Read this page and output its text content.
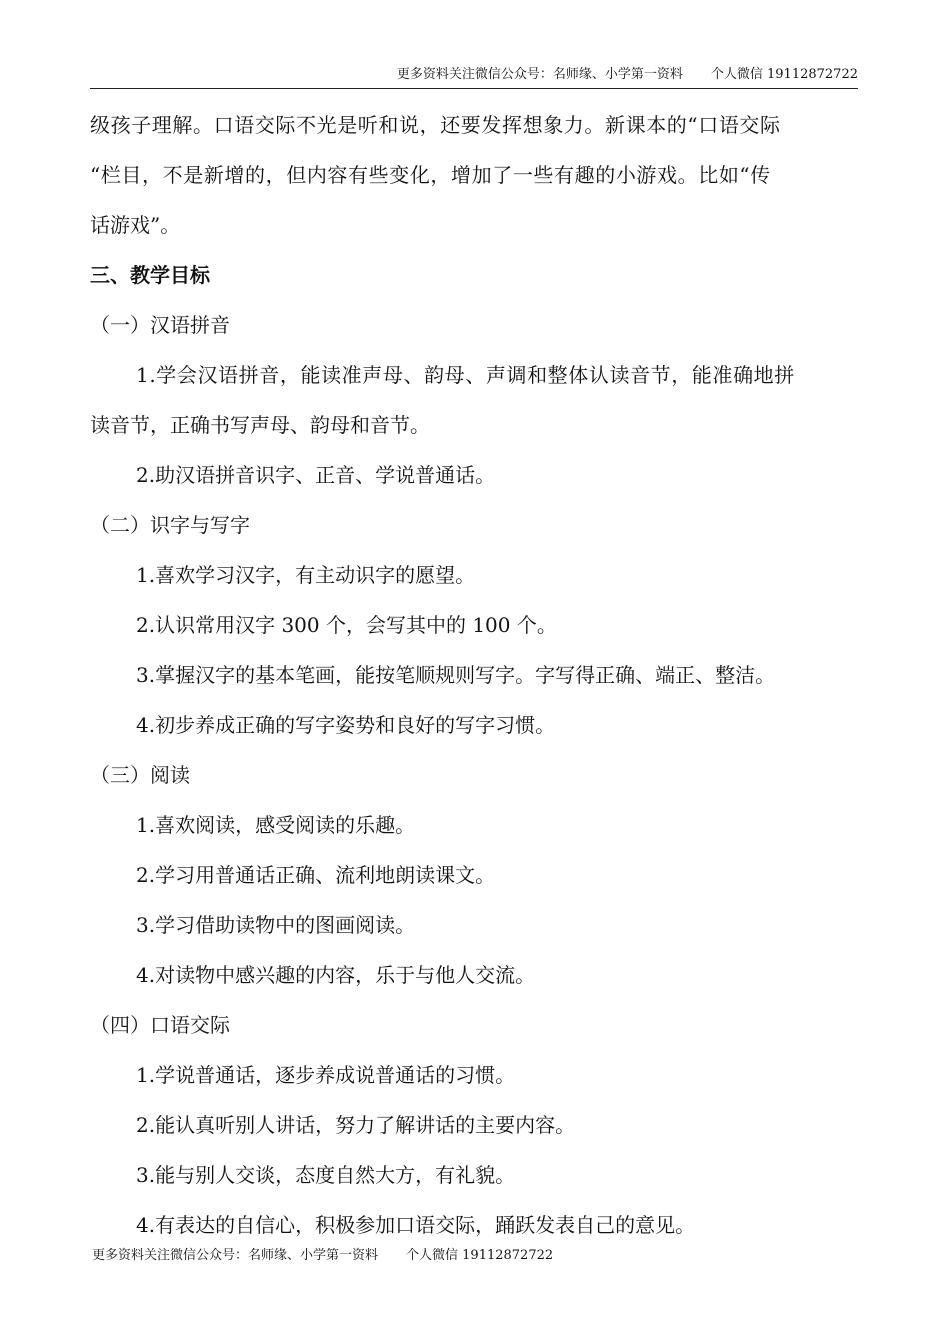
更多资料关注微信公众号：名师缘、小学第一资料 个人微信 19112872722
级孩子理解。口语交际不光是听和说，还要发挥想象力。新课本的“口语交际
“栏目，不是新增的，但内容有些变化，增加了一些有趣的小游戏。比如“传
话游戏”。
三、教学目标
（一）汉语拼音
1.学会汉语拼音，能读准声母、韵母、声调和整体认读音节，能准确地拼
读音节，正确书写声母、韵母和音节。
2.助汉语拼音识字、正音、学说普通话。
（二）识字与写字
1.喜欢学习汉字，有主动识字的愿望。
2.认识常用汉字 300 个，会写其中的 100 个。
3.掌握汉字的基本笔画，能按笔顺规则写字。字写得正确、端正、整洁。
4.初步养成正确的写字姿势和良好的写字习惯。
（三）阅读
1.喜欢阅读，感受阅读的乐趣。
2.学习用普通话正确、流利地朗读课文。
3.学习借助读物中的图画阅读。
4.对读物中感兴趣的内容，乐于与他人交流。
（四）口语交际
1.学说普通话，逐步养成说普通话的习惯。
2.能认真听别人讲话，努力了解讲话的主要内容。
3.能与别人交谈，态度自然大方，有礼貌。
4.有表达的自信心，积极参加口语交际，踊跃发表自己的意见。
更多资料关注微信公众号：名师缘、小学第一资料 个人微信 19112872722
